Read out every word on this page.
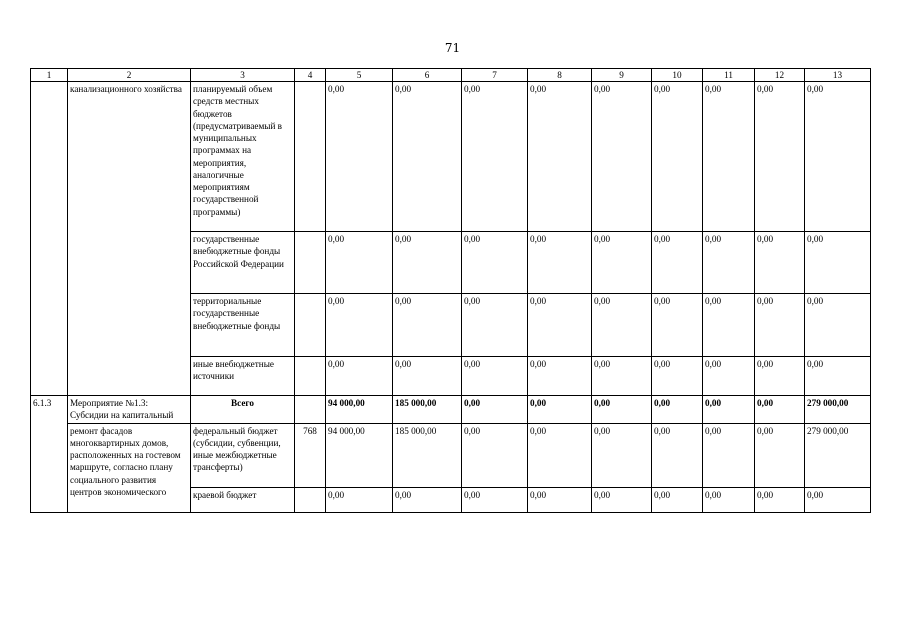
71
1	2	3	4	5	6	7	8	9	10	11	12	13
	канализационного хозяйства	планируемый объем средств местных бюджетов (предусматриваемый в муниципальных программах на мероприятия, аналогичные мероприятиям государственной программы)		0,00	0,00	0,00	0,00	0,00	0,00	0,00	0,00	0,00
		государственные внебюджетные фонды Российской Федерации		0,00	0,00	0,00	0,00	0,00	0,00	0,00	0,00	0,00
		территориальные государственные внебюджетные фонды		0,00	0,00	0,00	0,00	0,00	0,00	0,00	0,00	0,00
		иные внебюджетные источники		0,00	0,00	0,00	0,00	0,00	0,00	0,00	0,00	0,00
6.1.3	Мероприятие №1.3: Субсидии на капитальный	Всего		94 000,00	185 000,00	0,00	0,00	0,00	0,00	0,00	0,00	279 000,00
	ремонт фасадов многоквартирных домов, расположенных на гостевом маршруте, согласно плану социального развития центров экономического	федеральный бюджет (субсидии, субвенции, иные межбюджетные трансферты)	768	94 000,00	185 000,00	0,00	0,00	0,00	0,00	0,00	0,00	279 000,00
		краевой бюджет		0,00	0,00	0,00	0,00	0,00	0,00	0,00	0,00	0,00
